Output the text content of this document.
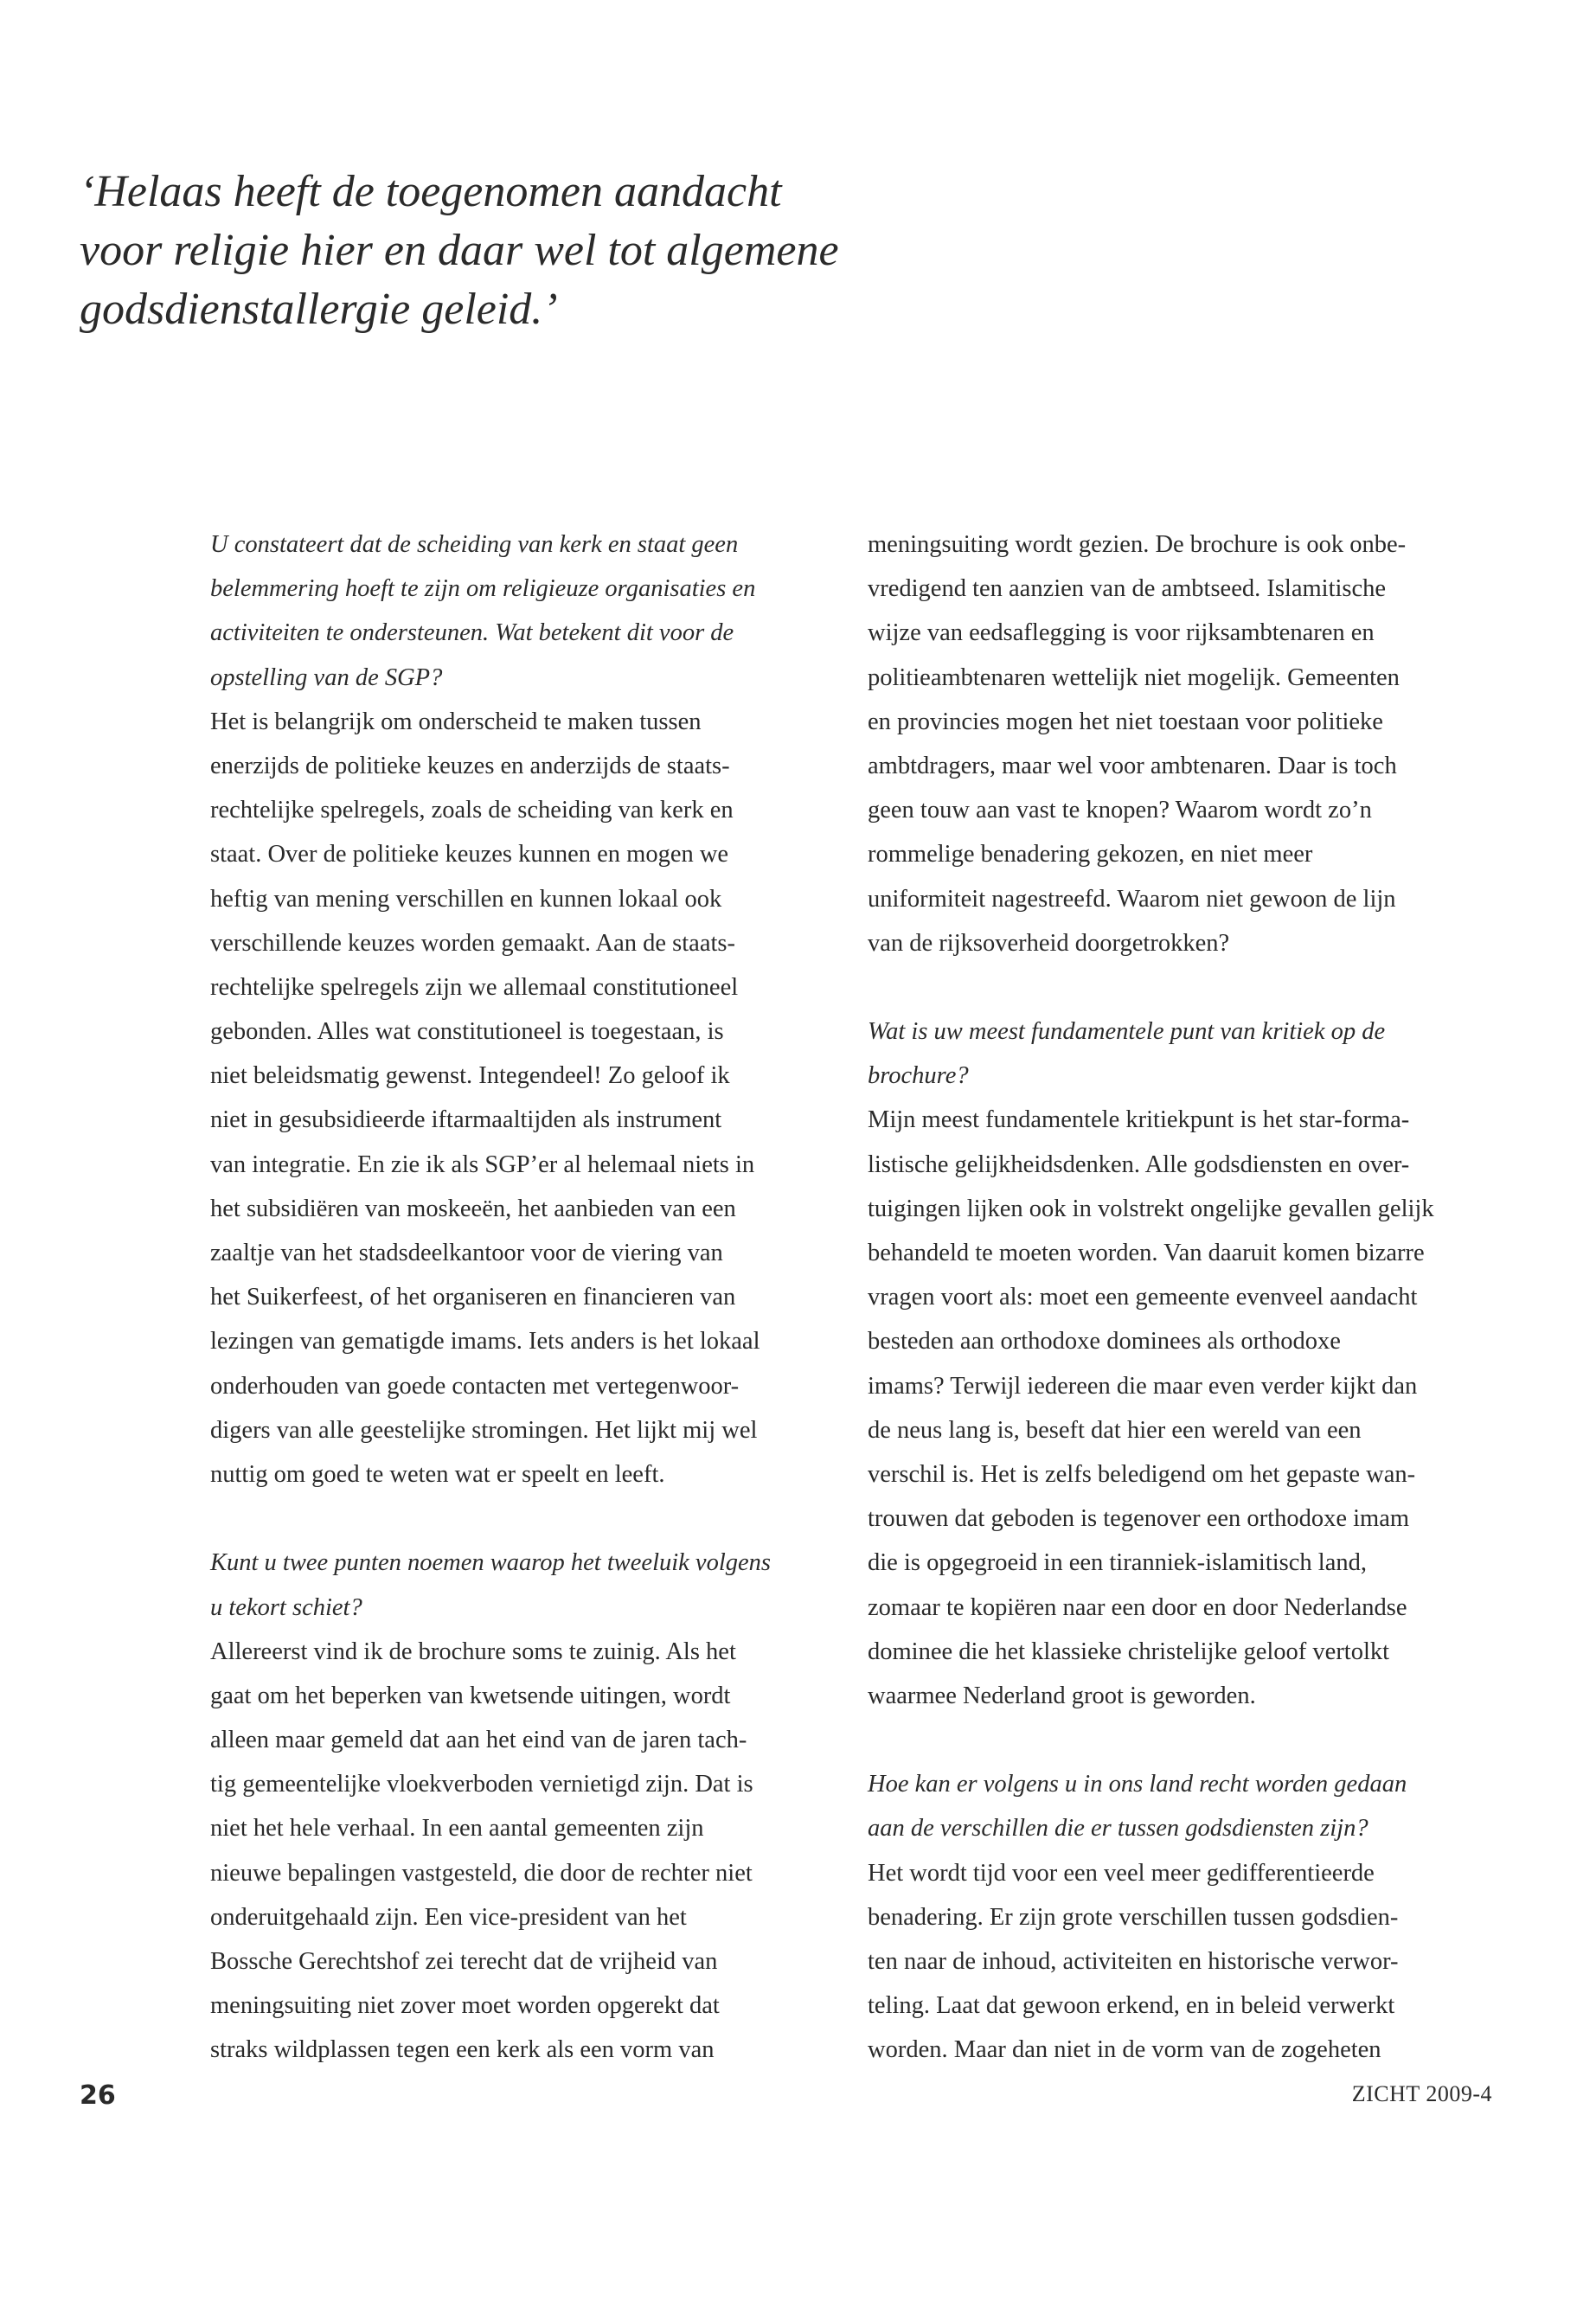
‘Helaas heeft de toegenomen aandacht
voor religie hier en daar wel tot algemene
godsdienstallergie geleid.’

U constateert dat de scheiding van kerk en staat geen
belemmering hoeft te zijn om religieuze organisaties en
activiteiten te ondersteunen. Wat betekent dit voor de
opstelling van de SGP?

Het is belangrijk om onderscheid te maken tussen
enerzijds de politieke keuzes en anderzijds de staats-
rechtelijke spelregels, zoals de scheiding van kerk en
staat. Over de politieke keuzes kunnen en mogen we
heftig van mening verschillen en kunnen lokaal ook
verschillende keuzes worden gemaakt. Aan de staats-
rechtelijke spelregels zijn we allemaal constitutioneel
gebonden. Alles wat constitutioneel is toegestaan, is
niet beleidsmatig gewenst. Integendeel! Zo geloof ik
niet in gesubsidieerde iftarmaaltijden als instrument
van integratie. En zie ik als SGP’er al helemaal niets in
het subsidiëren van moskeeën, het aanbieden van een
zaaltje van het stadsdeelkantoor voor de viering van
het Suikerfeest, of het organiseren en financieren van
lezingen van gematigde imams. Iets anders is het lokaal
onderhouden van goede contacten met vertegenwoor-
digers van alle geestelijke stromingen. Het lijkt mij wel
nuttig om goed te weten wat er speelt en leeft.

Kunt u twee punten noemen waarop het tweeluik volgens
u tekort schiet?

Allereerst vind ik de brochure soms te zuinig. Als het
gaat om het beperken van kwetsende uitingen, wordt
alleen maar gemeld dat aan het eind van de jaren tach-
tig gemeentelijke vloekverboden vernietigd zijn. Dat is
niet het hele verhaal. In een aantal gemeenten zijn
nieuwe bepalingen vastgesteld, die door de rechter niet
onderuitgehaald zijn. Een vice-president van het
Bossche Gerechtshof zei terecht dat de vrijheid van
meningsuiting niet zover moet worden opgerekt dat
straks wildplassen tegen een kerk als een vorm van

meningsuiting wordt gezien. De brochure is ook onbe-
vredigend ten aanzien van de ambtseed. Islamitische
wijze van eedsaflegging is voor rijksambtenaren en
politieambtenaren wettelijk niet mogelijk. Gemeenten
en provincies mogen het niet toestaan voor politieke
ambtdragers, maar wel voor ambtenaren. Daar is toch
geen touw aan vast te knopen? Waarom wordt zo’n
rommelige benadering gekozen, en niet meer
uniformiteit nagestreefd. Waarom niet gewoon de lijn
van de rijksoverheid doorgetrokken?

Wat is uw meest fundamentele punt van kritiek op de
brochure?

Mijn meest fundamentele kritiekpunt is het star-forma-
listische gelijkheidsdenken. Alle godsdiensten en over-
tuigingen lijken ook in volstrekt ongelijke gevallen gelijk
behandeld te moeten worden. Van daaruit komen bizarre
vragen voort als: moet een gemeente evenveel aandacht
besteden aan orthodoxe dominees als orthodoxe
imams? Terwijl iedereen die maar even verder kijkt dan
de neus lang is, beseft dat hier een wereld van een
verschil is. Het is zelfs beledigend om het gepaste wan-
trouwen dat geboden is tegenover een orthodoxe imam
die is opgegroeid in een tiranniek-islamitisch land,
zomaar te kopiëren naar een door en door Nederlandse
dominee die het klassieke christelijke geloof vertolkt
waarmee Nederland groot is geworden.

Hoe kan er volgens u in ons land recht worden gedaan
aan de verschillen die er tussen godsdiensten zijn?

Het wordt tijd voor een veel meer gedifferentieerde
benadering. Er zijn grote verschillen tussen godsdien-
ten naar de inhoud, activiteiten en historische verwor-
teling. Laat dat gewoon erkend, en in beleid verwerkt
worden. Maar dan niet in de vorm van de zogeheten

26	ZICHT 2009-4
